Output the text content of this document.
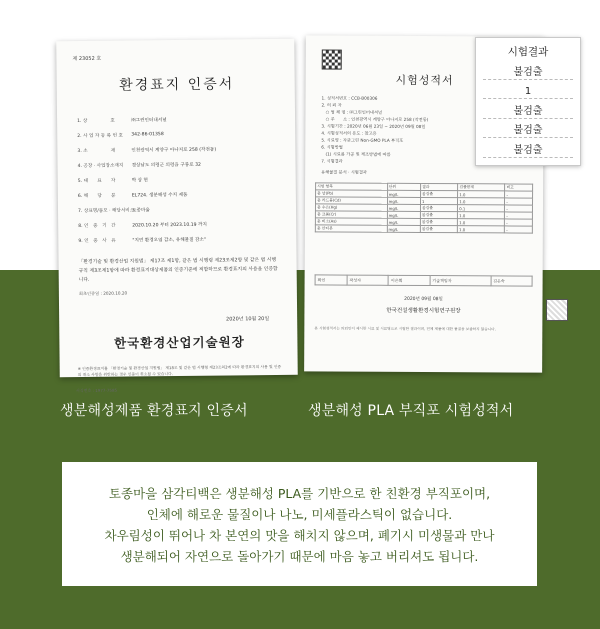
제 23052 호
환경표지 인증서
1. 상　　　　　호	㈜그린인터내셔널
2. 사 업 자 등 록 번 호	342-86-01358
3. 소　　　　　재	인천광역시 계양구 아나지로 258 (작전동)
4. 공장 · 사업장소재지	경상남도 의령군 의령읍 구룡로 32
5. 대　　표　　자	박 상 현
6. 해　　당　　분	EL724. 생분해성 수지 제품
7. 상표명/품모 · 해당서비스
토종마을
8. 인　증　기　간	2020.10.20 부터 2023.10.19 까지
9. 인　증　사　유	"지연 환경오염 감소, 유해물질 감소"
「환경기술 및 환경산업 지원법」 제17조 제1항, 같은 법 시행령 제23조제2항 및 같은 법 시행규칙 제3조제1항에 따라 환경표지대상제품의 인증기준에 적합하므로 환경표지의 사용을 인증합니다.
최초인증일 : 2020.10.20
2020년 10월 20일
한국환경산업기술원장
※ 인증환경표지를 「환경기술 및 환경산업 지원법」 제18조 및 같은 법 시행령 제23조의2에 따라 환경표지의 사용 및 인증의 취소 사항을 위반하는 경우 인증이 취소될 수 있습니다.
서식번호 : 1977-7585
시험성적서
1. 성적서번호 : CCB-B00306
2. 의 뢰 자
　○ 업 체 명 : ㈜그린인터내셔널
　○ 주　　소 : 인천광역시 계양구 아나지로 258 (작전동)
3. 시험기간 : 2020년 06월 23일 ~ 2020년 09월 08일
4. 시험성적서의 용도 : 참고용
5. 시료명 : 자균그린 Non-GMO PLA 부직포
6. 시험방법
　(1) 시료를 가공 및 제조방법에 따름
7. 시험결과
유해물질 분석 · 시험결과
시험 항목	단위	결과	검출한계	비고
총 납(Pb)	mg/L	불검출	1.0	-
총 카드뮴(Cd)	mg/L	1	1.0	-
총 수은(Hg)	mg/L	불검출	0.1	-
총 크롬(Cr)	mg/L	불검출	1.0	-
총 비소(As)	mg/L	불검출	1.0	-
총 안티몬	mg/L	불검출	1.0	-
확인	작성자	이은희	기술책임자	김은숙
2020년 09월 08일
한국건설생활환경시험연구원장
본 시험성적서는 의뢰인이 제시한 시료 및 시료명으로 시험한 결과이며, 전체 제품에 대한 품질을 보증하지 않습니다.
시험결과
불검출
1
불검출
불검출
불검출
생분해성제품 환경표지 인증서	생분해성 PLA 부직포 시험성적서
토종마을 삼각티백은 생분해성 PLA를 기반으로 한 친환경 부직포이며,
인체에 해로운 물질이나 나노, 미세플라스틱이 없습니다.
차우림성이 뛰어나 차 본연의 맛을 해치지 않으며, 폐기시 미생물과 만나
생분해되어 자연으로 돌아가기 때문에 마음 놓고 버리셔도 됩니다.
